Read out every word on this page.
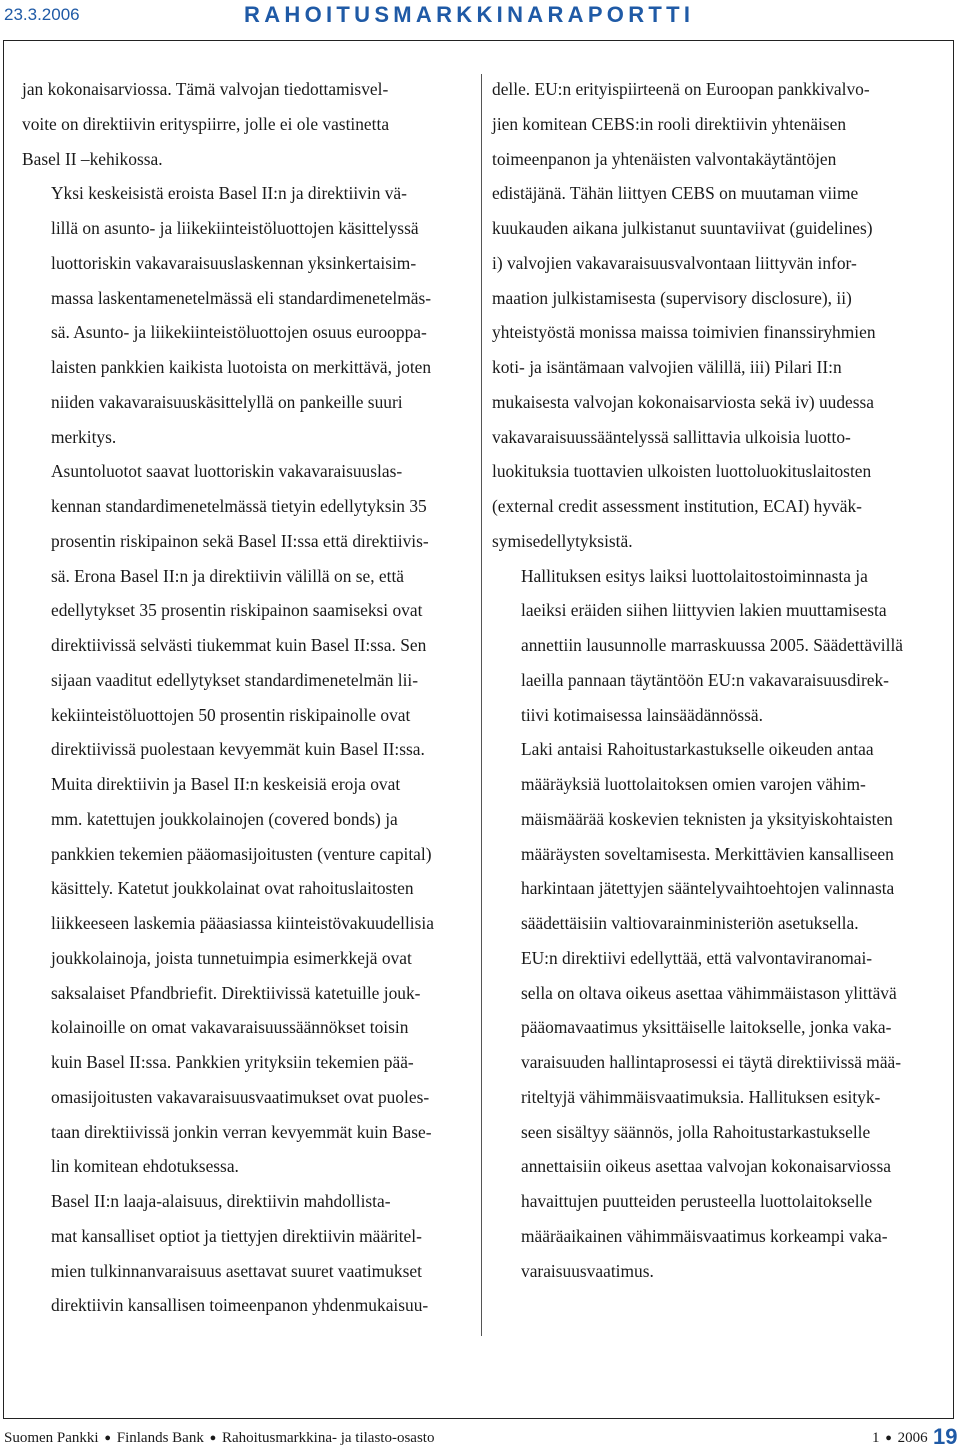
23.3.2006	RAHOITUSMARKKINARAPORTTI

jan kokonaisarviossa. Tämä valvojan tiedottamisvel-
voite on direktiivin erityspiirre, jolle ei ole vastinetta
Basel II –kehikossa.

Yksi keskeisistä eroista Basel II:n ja direktiivin vä-
lillä on asunto- ja liikekiinteistöluottojen käsittelyssä
luottoriskin vakavaraisuuslaskennan yksinkertaisim-
massa laskentamenetelmässä eli standardimenetelmäs-
sä. Asunto- ja liikekiinteistöluottojen osuus eurooppa-
laisten pankkien kaikista luotoista on merkittävä, joten
niiden vakavaraisuuskäsittelyllä on pankeille suuri
merkitys.

Asuntoluotot saavat luottoriskin vakavaraisuuslas-
kennan standardimenetelmässä tietyin edellytyksin 35
prosentin riskipainon sekä Basel II:ssa että direktiivis-
sä. Erona Basel II:n ja direktiivin välillä on se, että
edellytykset 35 prosentin riskipainon saamiseksi ovat
direktiivissä selvästi tiukemmat kuin Basel II:ssa. Sen
sijaan vaaditut edellytykset standardimenetelmän lii-
kekiinteistöluottojen 50 prosentin riskipainolle ovat
direktiivissä puolestaan kevyemmät kuin Basel II:ssa.

Muita direktiivin ja Basel II:n keskeisiä eroja ovat
mm. katettujen joukkolainojen (covered bonds) ja
pankkien tekemien pääomasijoitusten (venture capital)
käsittely. Katetut joukkolainat ovat rahoituslaitosten
liikkeeseen laskemia pääasiassa kiinteistövakuudellisia
joukkolainoja, joista tunnetuimpia esimerkkejä ovat
saksalaiset Pfandbriefit. Direktiivissä katetuille jouk-
kolainoille on omat vakavaraisuussäännökset toisin
kuin Basel II:ssa. Pankkien yrityksiin tekemien pää-
omasijoitusten vakavaraisuusvaatimukset ovat puoles-
taan direktiivissä jonkin verran kevyemmät kuin Base-
lin komitean ehdotuksessa.

Basel II:n laaja-alaisuus, direktiivin mahdollista-
mat kansalliset optiot ja tiettyjen direktiivin määritel-
mien tulkinnanvaraisuus asettavat suuret vaatimukset
direktiivin kansallisen toimeenpanon yhdenmukaisuu-

delle. EU:n erityispiirteenä on Euroopan pankkivalvo-
jien komitean CEBS:in rooli direktiivin yhtenäisen
toimeenpanon ja yhtenäisten valvontakäytäntöjen
edistäjänä. Tähän liittyen CEBS on muutaman viime
kuukauden aikana julkistanut suuntaviivat (guidelines)
i) valvojien vakavaraisuusvalvontaan liittyvän infor-
maation julkistamisesta (supervisory disclosure), ii)
yhteistyöstä monissa maissa toimivien finanssiryhmien
koti- ja isäntämaan valvojien välillä, iii) Pilari II:n
mukaisesta valvojan kokonaisarviosta sekä iv) uudessa
vakavaraisuussääntelyssä sallittavia ulkoisia luotto-
luokituksia tuottavien ulkoisten luottoluokituslaitosten
(external credit assessment institution, ECAI) hyväk-
symisedellytyksistä.

Hallituksen esitys laiksi luottolaitostoiminnasta ja
laeiksi eräiden siihen liittyvien lakien muuttamisesta
annettiin lausunnolle marraskuussa 2005. Säädettävillä
laeilla pannaan täytäntöön EU:n vakavaraisuusdirek-
tiivi kotimaisessa lainsäädännössä.

Laki antaisi Rahoitustarkastukselle oikeuden antaa
määräyksiä luottolaitoksen omien varojen vähim-
mäismäärää koskevien teknisten ja yksityiskohtaisten
määräysten soveltamisesta. Merkittävien kansalliseen
harkintaan jätettyjen sääntelyvaihtoehtojen valinnasta
säädettäisiin valtiovarainministeriön asetuksella.

EU:n direktiivi edellyttää, että valvontaviranomai-
sella on oltava oikeus asettaa vähimmäistason ylittävä
pääomavaatimus yksittäiselle laitokselle, jonka vaka-
varaisuuden hallintaprosessi ei täytä direktiivissä mää-
riteltyjä vähimmäisvaatimuksia. Hallituksen esityk-
seen sisältyy säännös, jolla Rahoitustarkastukselle
annettaisiin oikeus asettaa valvojan kokonaisarviossa
havaittujen puutteiden perusteella luottolaitokselle
määräaikainen vähimmäisvaatimus korkeampi vaka-
varaisuusvaatimus.

Suomen Pankki ● Finlands Bank ● Rahoitusmarkkina- ja tilasto-osasto	1 ● 2006 19
